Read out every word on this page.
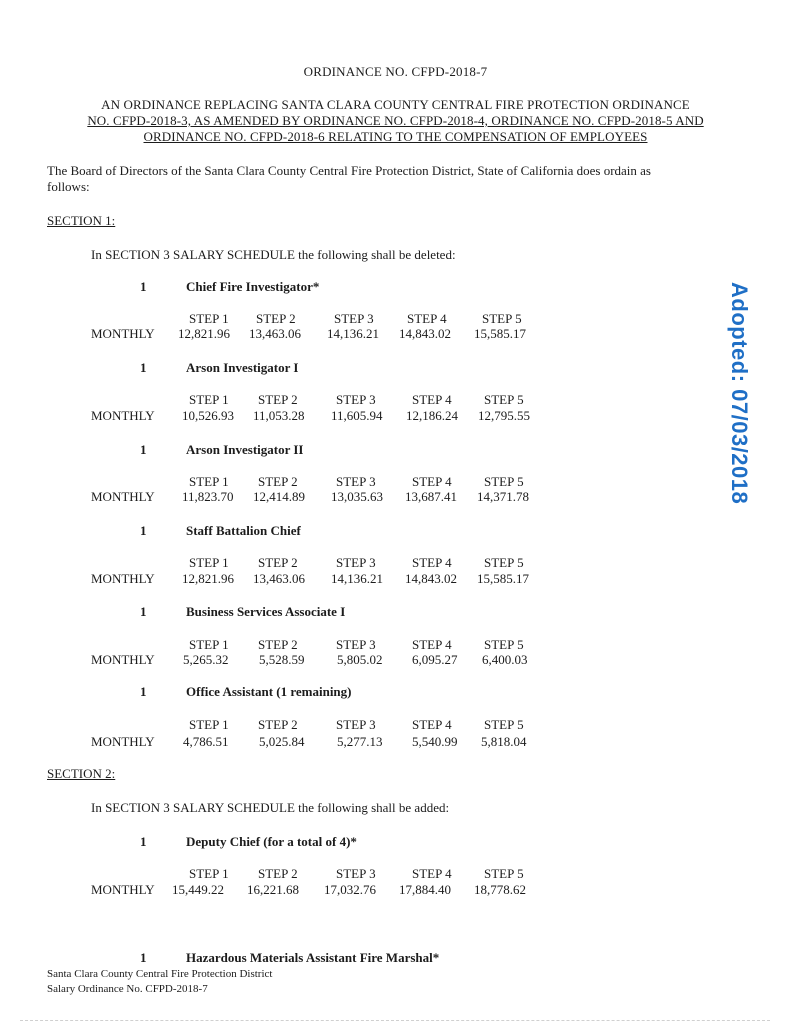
ORDINANCE NO. CFPD-2018-7
AN ORDINANCE REPLACING SANTA CLARA COUNTY CENTRAL FIRE PROTECTION ORDINANCE
NO. CFPD-2018-3, AS AMENDED BY ORDINANCE NO. CFPD-2018-4, ORDINANCE NO. CFPD-2018-5 AND
ORDINANCE NO. CFPD-2018-6 RELATING TO THE COMPENSATION OF EMPLOYEES
The Board of Directors of the Santa Clara County Central Fire Protection District, State of California does ordain as
follows:
SECTION 1:
In SECTION 3 SALARY SCHEDULE the following shall be deleted:
1	Chief Fire Investigator*
STEP 1 STEP 2	STEP 3	STEP 4	STEP 5
MONTHLY 12,821.96 13,463.06 14,136.21 14,843.02 15,585.17
1	Arson Investigator I
STEP 1 STEP 2	STEP 3	STEP 4 STEP 5
MONTHLY 10,526.93 11,053.28 11,605.94 12,186.24 12,795.55
1	Arson Investigator II
STEP 1 STEP 2	STEP 3	STEP 4 STEP 5
MONTHLY 11,823.70 12,414.89 13,035.63 13,687.41 14,371.78
1	Staff Battalion Chief
STEP 1 STEP 2	STEP 3	STEP 4 STEP 5
MONTHLY 12,821.96 13,463.06 14,136.21 14,843.02 15,585.17
1	Business Services Associate I
STEP 1 STEP 2	STEP 3	STEP 4 STEP 5
MONTHLY 5,265.32 5,528.59	5,805.02 6,095.27 6,400.03
1	Office Assistant (1 remaining)
STEP 1 STEP 2	STEP 3	STEP 4 STEP 5
MONTHLY 4,786.51 5,025.84	5,277.13 5,540.99 5,818.04
SECTION 2:
In SECTION 3 SALARY SCHEDULE the following shall be added:
1	Deputy Chief (for a total of 4)*
STEP 1 STEP 2	STEP 3	STEP 4 STEP 5
MONTHLY 15,449.22 16,221.68 17,032.76 17,884.40 18,778.62
1	Hazardous Materials Assistant Fire Marshal*
Santa Clara County Central Fire Protection District
Salary Ordinance No. CFPD-2018-7
Adopted: 07/03/2018
